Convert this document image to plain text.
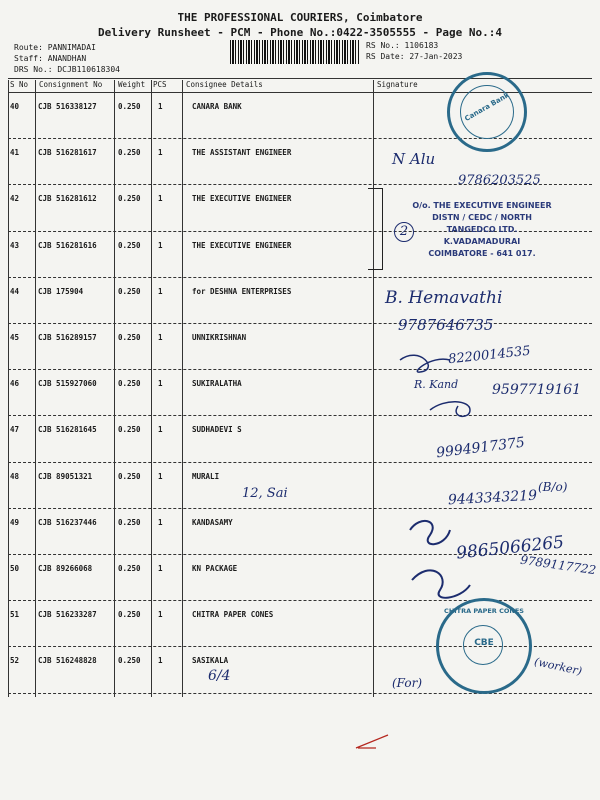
THE PROFESSIONAL COURIERS, Coimbatore
Delivery Runsheet - PCM - Phone No.:0422-3505555 - Page No.:4
Route: PANNIMADAI
Staff: ANANDHAN
DRS No.: DCJB110618304
RS No.: 1106183
RS Date: 27-Jan-2023
S No Consignment No Weight PCS	Consignee Details	Signature
40	CJB 516338127	0.250 1	CANARA BANK
41	CJB 516281617	0.250 1	THE ASSISTANT ENGINEER
42	CJB 516281612	0.250 1	THE EXECUTIVE ENGINEER
43	CJB 516281616	0.250 1	THE EXECUTIVE ENGINEER
44	CJB 175904	0.250 1	for DESHNA ENTERPRISES
45	CJB 516289157	0.250 1	UNNIKRISHNAN
46	CJB 515927060	0.250 1	SUKIRALATHA
47	CJB 516281645	0.250 1	SUDHADEVI S
48	CJB 89051321	0.250 1	MURALI
49	CJB 516237446	0.250 1	KANDASAMY
50	CJB 89266068	0.250 1	KN PACKAGE
51	CJB 516233287	0.250 1	CHITRA PAPER CONES
52	CJB 516248828	0.250 1	SASIKALA
N Alu
9786203525
2
B. Hemavathi
9787646735
8220014535
R. Kand 9597719161
9994917375
12, Sai	9443343219
(B/o)
9865066265
9789117722
6/4	(For)
(worker)
O/o. THE EXECUTIVE ENGINEER
DISTN / CEDC / NORTH
TANGEDCO LTD.
K.VADAMADURAI
COIMBATORE - 641 017.
Canara Bank
CBE
CHITRA PAPER CONES
